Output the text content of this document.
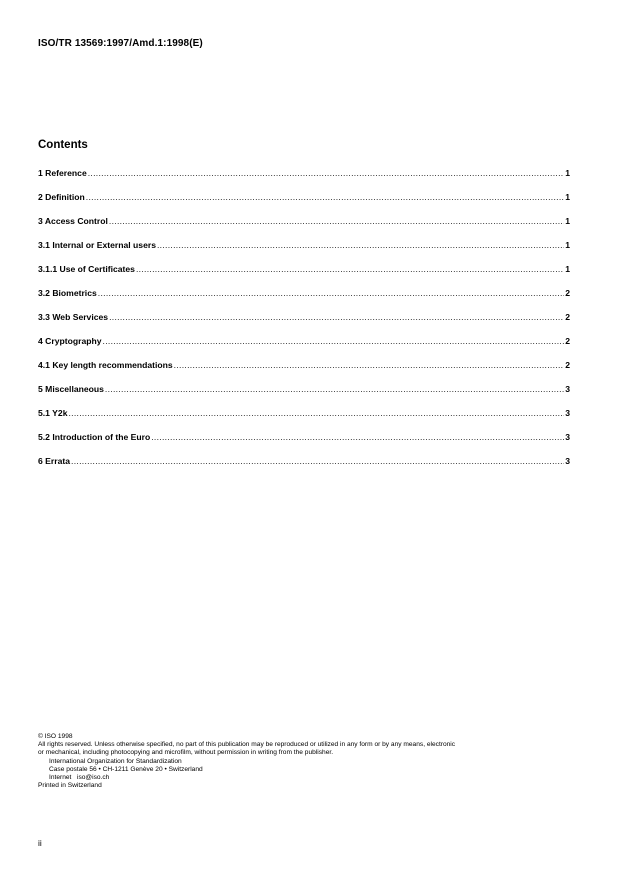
ISO/TR 13569:1997/Amd.1:1998(E)
Contents
1 Reference .....	1
2 Definition .....	1
3 Access Control .....	1
3.1 Internal or External users .....	1
3.1.1 Use of Certificates .....	1
3.2 Biometrics .....	2
3.3 Web Services .....	2
4 Cryptography .....	2
4.1 Key length recommendations .....	2
5 Miscellaneous .....	3
5.1 Y2k .....	3
5.2 Introduction of the Euro .....	3
6 Errata .....	3
© ISO 1998
All rights reserved. Unless otherwise specified, no part of this publication may be reproduced or utilized in any form or by any means, electronic
or mechanical, including photocopying and microfilm, without permission in writing from the publisher.
International Organization for Standardization
Case postale 56 • CH-1211 Genève 20 • Switzerland
Internet iso@iso.ch
Printed in Switzerland
ii
